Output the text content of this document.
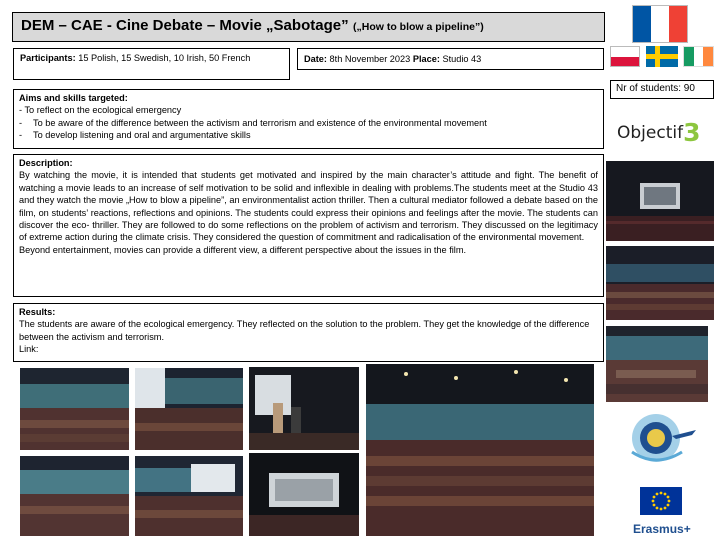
DEM – CAE - Cine Debate – Movie „Sabotage” („How to blow a pipeline”)
Participants: 15 Polish, 15 Swedish, 10 Irish, 50 French	Date: 8th November 2023 Place: Studio 43
Nr of students: 90
Objectif3
Aims and skills targeted:
- To reflect on the ecological emergency
- To be aware of the difference between the activism and terrorism and existence of the environmental movement
- To develop listening and oral and argumentative skills
Description:
By watching the movie, it is intended that students get motivated and inspired by the main character’s attitude and fight. The benefit of watching a movie leads to an increase of self motivation to be solid and inflexible in dealing with problems.The students meet at the Studio 43 and they watch the movie „How to blow a pipeline”, an environmentalist action thriller. Then a cultural mediator followed a debate based on the film, on students’ reactions, reflections and opinions. The students could express their opinions and feelings after the movie. The students can discover the eco- thriller. They are followed to do some reflections on the problem of activism and terrorism. They discussed on the legitimacy of extreme action during the climate crisis. They considered the question of commitment and radicalisation of the environmental movement.
Beyond entertainment, movies can provide a different view, a different perspective about the issues in the film.
Results:
The students are aware of the ecological emergency. They reflected on the solution to the problem. They get the knowledge of the difference between the activism and terrorism.
Link:
Erasmus+
